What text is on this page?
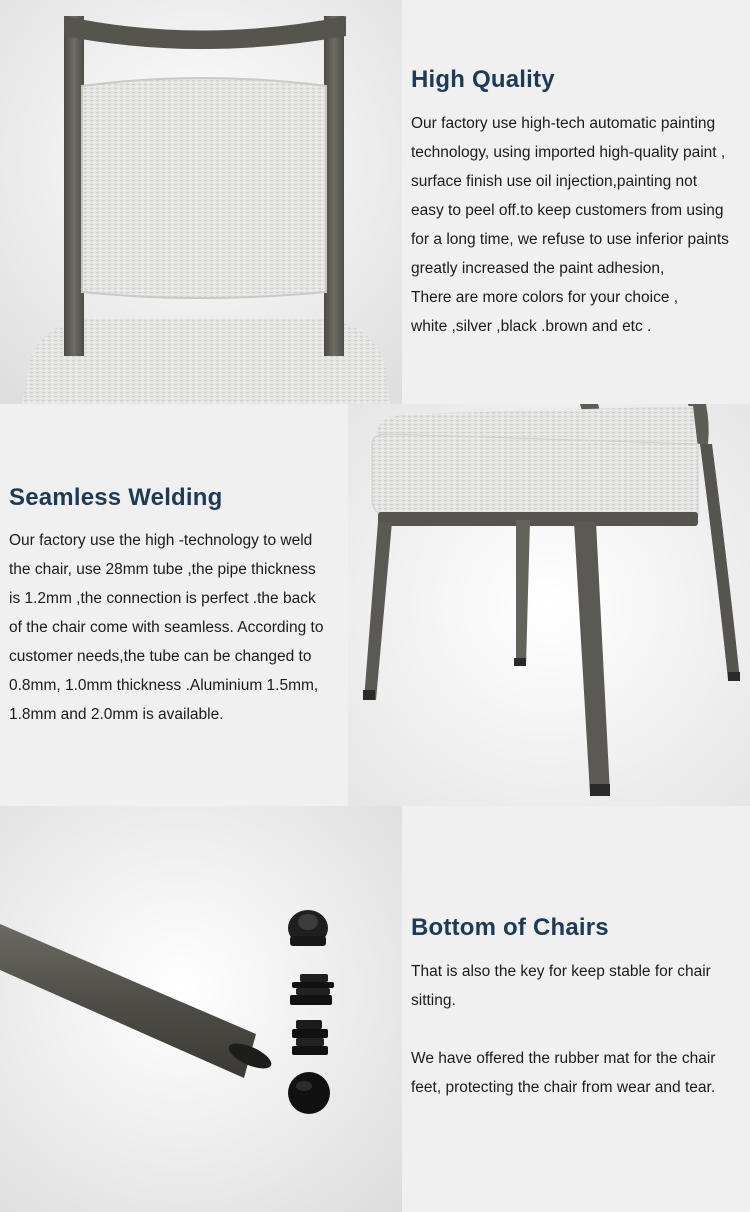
High Quality
Our factory use high-tech automatic painting
technology, using imported high-quality paint ,
surface finish use oil injection,painting not
easy to peel off.to keep customers from using
for a long time, we refuse to use inferior paints
greatly increased the paint adhesion,
There are more colors for your choice ,
white ,silver ,black .brown and etc .
Seamless Welding
Our factory use the high -technology to weld
the chair, use 28mm tube ,the pipe thickness
is 1.2mm ,the connection is perfect .the back
of the chair come with seamless. According to
customer needs,the tube can be changed to
0.8mm, 1.0mm thickness .Aluminium 1.5mm,
1.8mm and 2.0mm is available.
Bottom of Chairs
That is also the key for keep stable for chair
sitting.
We have offered the rubber mat for the chair
feet, protecting the chair from wear and tear.
